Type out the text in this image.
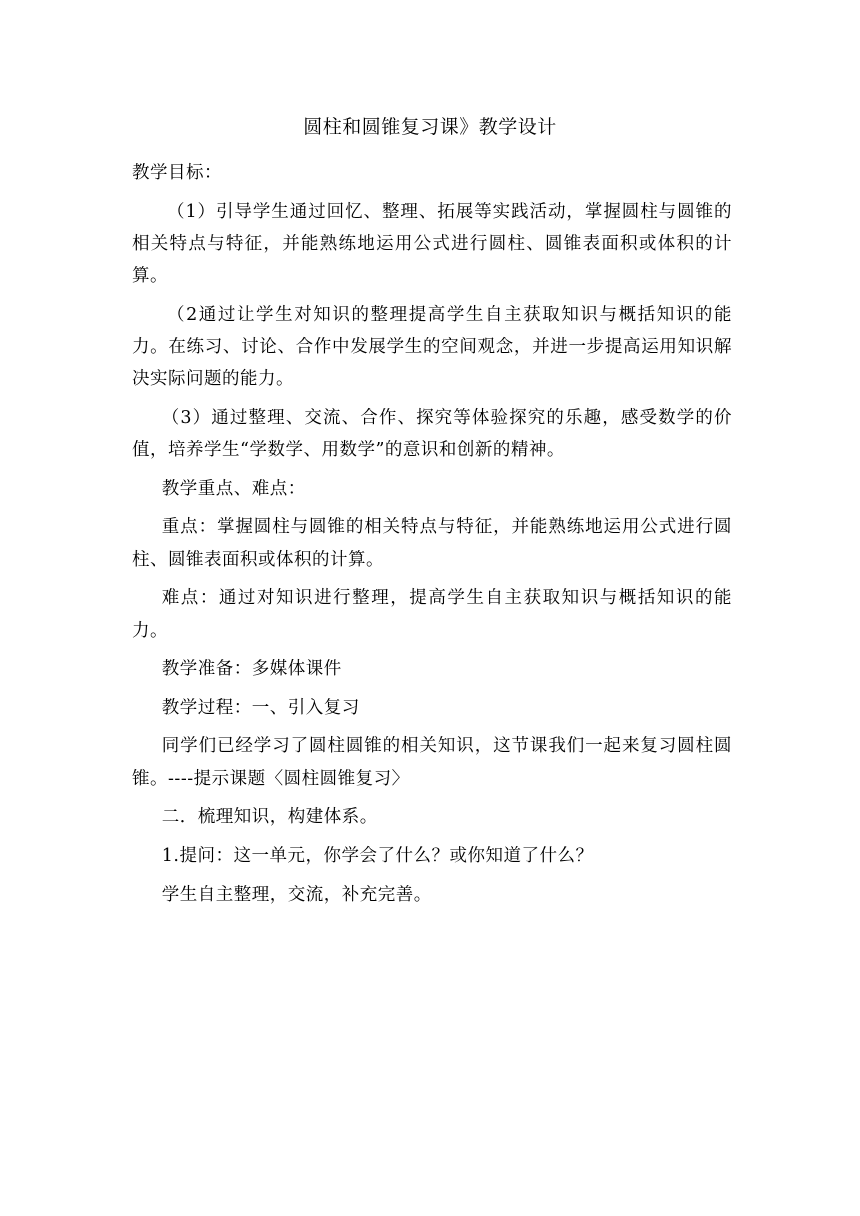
圆柱和圆锥复习课》教学设计

教学目标：

（1）引导学生通过回忆、整理、拓展等实践活动，掌握圆柱与圆锥的相关特点与特征，并能熟练地运用公式进行圆柱、圆锥表面积或体积的计算。

（2通过让学生对知识的整理提高学生自主获取知识与概括知识的能力。在练习、讨论、合作中发展学生的空间观念，并进一步提高运用知识解决实际问题的能力。

（3）通过整理、交流、合作、探究等体验探究的乐趣，感受数学的价值，培养学生“学数学、用数学”的意识和创新的精神。

教学重点、难点：

重点：掌握圆柱与圆锥的相关特点与特征，并能熟练地运用公式进行圆柱、圆锥表面积或体积的计算。

难点：通过对知识进行整理，提高学生自主获取知识与概括知识的能力。

教学准备：多媒体课件

教学过程：一、引入复习

同学们已经学习了圆柱圆锥的相关知识，这节课我们一起来复习圆柱圆锥。----提示课题〈圆柱圆锥复习〉

二．梳理知识，构建体系。

1.提问：这一单元，你学会了什么？或你知道了什么？

学生自主整理，交流，补充完善。
